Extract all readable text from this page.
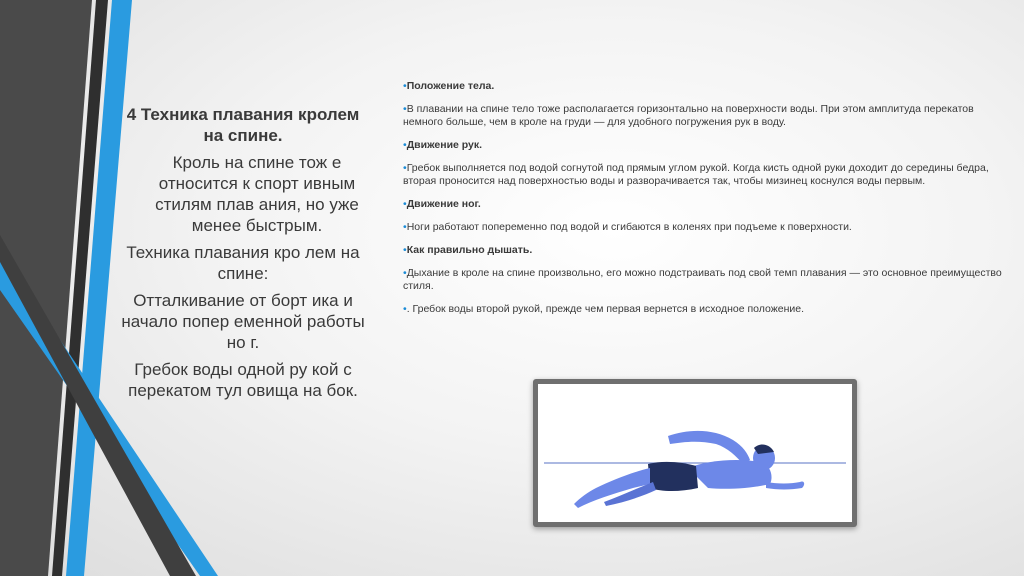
4 Техника плавания кролем на спине.

Кроль на спине тож е относится к спорт ивным стилям плав ания, но уже менее быстрым.

Техника плавания кро лем на спине:

Отталкивание от борт ика и начало попер еменной работы но г.

Гребок воды одной ру кой с перекатом тул овища на бок.

•Положение тела.
•В плавании на спине тело тоже располагается горизонтально на поверхности воды. При этом амплитуда перекатов немного больше, чем в кроле на груди — для удобного погружения рук в воду.
•Движение рук.
•Гребок выполняется под водой согнутой под прямым углом рукой. Когда кисть одной руки доходит до середины бедра, вторая проносится над поверхностью воды и разворачивается так, чтобы мизинец коснулся воды первым.
•Движение ног.
•Ноги работают попеременно под водой и сгибаются в коленях при подъеме к поверхности.
•Как правильно дышать.
•Дыхание в кроле на спине произвольно, его можно подстраивать под свой темп плавания — это основное преимущество стиля.
•. Гребок воды второй рукой, прежде чем первая вернется в исходное положение.
